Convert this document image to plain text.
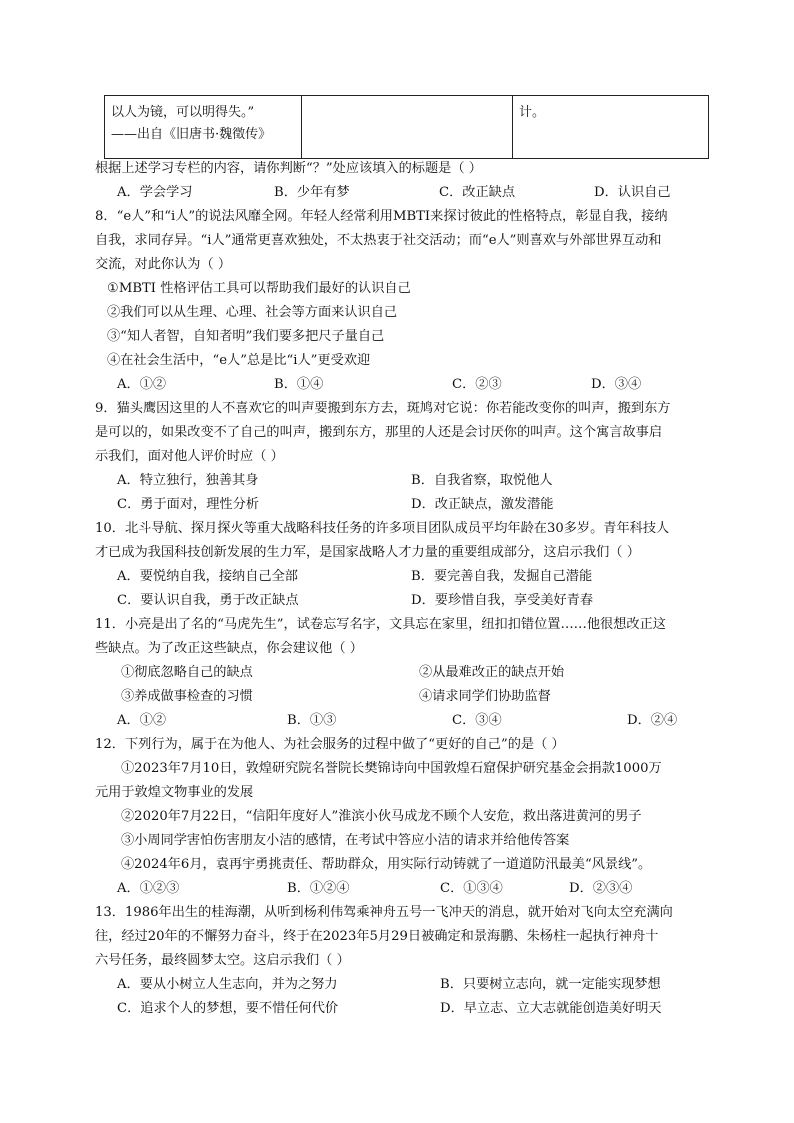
以人为镜，可以明得失。”
——出自《旧唐书·魏徵传》
		计。
根据上述学习专栏的内容，请你判断“？”处应该填入的标题是（ ）
A．学会学习	B．少年有梦	C．改正缺点	D．认识自己
8．“e人”和“i人”的说法风靡全网。年轻人经常利用MBTI来探讨彼此的性格特点，彰显自我，接纳
自我，求同存异。“i人”通常更喜欢独处，不太热衷于社交活动；而“e人”则喜欢与外部世界互动和
交流，对此你认为（ ）
①MBTI 性格评估工具可以帮助我们最好的认识自己
②我们可以从生理、心理、社会等方面来认识自己
③“知人者智，自知者明”我们要多把尺子量自己
④在社会生活中，“e人”总是比“i人”更受欢迎
A．①②	B．①④	C．②③	D．③④
9．猫头鹰因这里的人不喜欢它的叫声要搬到东方去，斑鸠对它说：你若能改变你的叫声，搬到东方
是可以的，如果改变不了自己的叫声，搬到东方，那里的人还是会讨厌你的叫声。这个寓言故事启
示我们，面对他人评价时应（ ）
A．特立独行，独善其身	B．自我省察，取悦他人
C．勇于面对，理性分析	D．改正缺点，激发潜能
10．北斗导航、探月探火等重大战略科技任务的许多项目团队成员平均年龄在30多岁。青年科技人
才已成为我国科技创新发展的生力军，是国家战略人才力量的重要组成部分，这启示我们（ ）
A．要悦纳自我，接纳自己全部	B．要完善自我，发掘自己潜能
C．要认识自我，勇于改正缺点	D．要珍惜自我，享受美好青春
11．小亮是出了名的“马虎先生”，试卷忘写名字，文具忘在家里，纽扣扣错位置……他很想改正这
些缺点。为了改正这些缺点，你会建议他（ ）
①彻底忽略自己的缺点	②从最难改正的缺点开始
③养成做事检查的习惯	④请求同学们协助监督
A．①②	B．①③	C．③④	D．②④
12．下列行为，属于在为他人、为社会服务的过程中做了“更好的自己”的是（ ）
①2023年7月10日，敦煌研究院名誉院长樊锦诗向中国敦煌石窟保护研究基金会捐款1000万
元用于敦煌文物事业的发展
②2020年7月22日，“信阳年度好人”淮滨小伙马成龙不顾个人安危，救出落进黄河的男子
③小周同学害怕伤害朋友小洁的感情，在考试中答应小洁的请求并给他传答案
④2024年6月，袁再宇勇挑责任、帮助群众，用实际行动铸就了一道道防汛最美“风景线”。
A．①②③	B．①②④	C．①③④	D．②③④
13．1986年出生的桂海潮，从听到杨利伟驾乘神舟五号一飞冲天的消息，就开始对飞向太空充满向
往，经过20年的不懈努力奋斗，终于在2023年5月29日被确定和景海鹏、朱杨柱一起执行神舟十
六号任务，最终圆梦太空。这启示我们（ ）
A．要从小树立人生志向，并为之努力	B．只要树立志向，就一定能实现梦想
C．追求个人的梦想，要不惜任何代价	D．早立志、立大志就能创造美好明天
